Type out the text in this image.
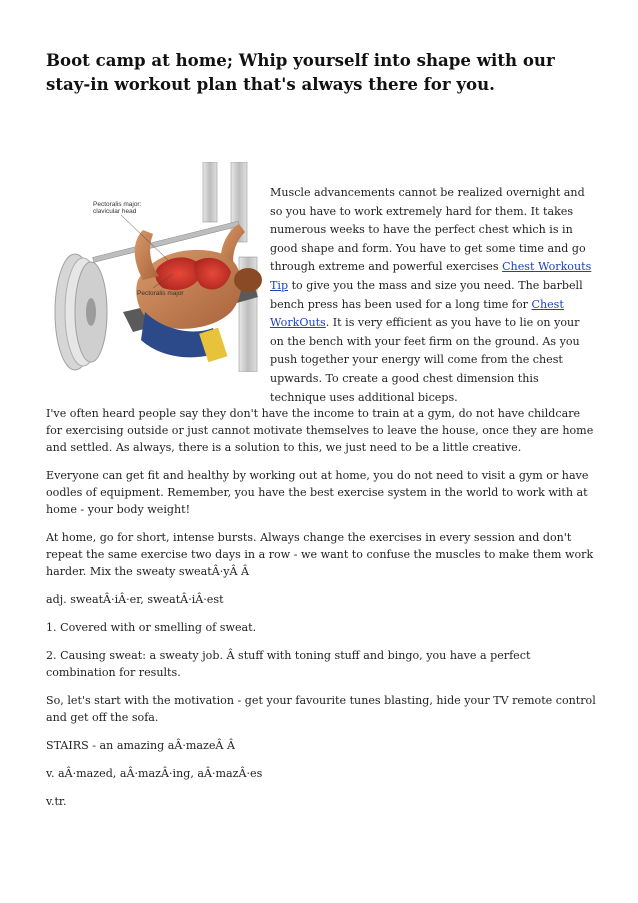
Boot camp at home; Whip yourself into shape with our stay-in workout plan that's always there for you.
Pectoralis major:
clavicular head
Pectoralis major

Muscle advancements cannot be realized overnight and so you have to work extremely hard for them. It takes numerous weeks to have the perfect chest which is in good shape and form. You have to get some time and go through extreme and powerful exercises Chest Workouts Tip to give you the mass and size you need. The barbell bench press has been used for a long time for Chest WorkOuts. It is very efficient as you have to lie on your on the bench with your feet firm on the ground. As you push together your energy will come from the chest upwards. To create a good chest dimension this technique uses additional biceps.

I've often heard people say they don't have the income to train at a gym, do not have childcare for exercising outside or just cannot motivate themselves to leave the house, once they are home and settled. As always, there is a solution to this, we just need to be a little creative.

Everyone can get fit and healthy by working out at home, you do not need to visit a gym or have oodles of equipment. Remember, you have the best exercise system in the world to work with at home - your body weight!

At home, go for short, intense bursts. Always change the exercises in every session and don't repeat the same exercise two days in a row - we want to confuse the muscles to make them work harder. Mix the sweaty sweatÂ·yÂ Â

adj. sweatÂ·iÂ·er, sweatÂ·iÂ·est

1. Covered with or smelling of sweat.

2. Causing sweat: a sweaty job. Â stuff with toning stuff and bingo, you have a perfect combination for results.

So, let's start with the motivation - get your favourite tunes blasting, hide your TV remote control and get off the sofa.

STAIRS - an amazing aÂ·mazeÂ Â

v. aÂ·mazed, aÂ·mazÂ·ing, aÂ·mazÂ·es

v.tr.
